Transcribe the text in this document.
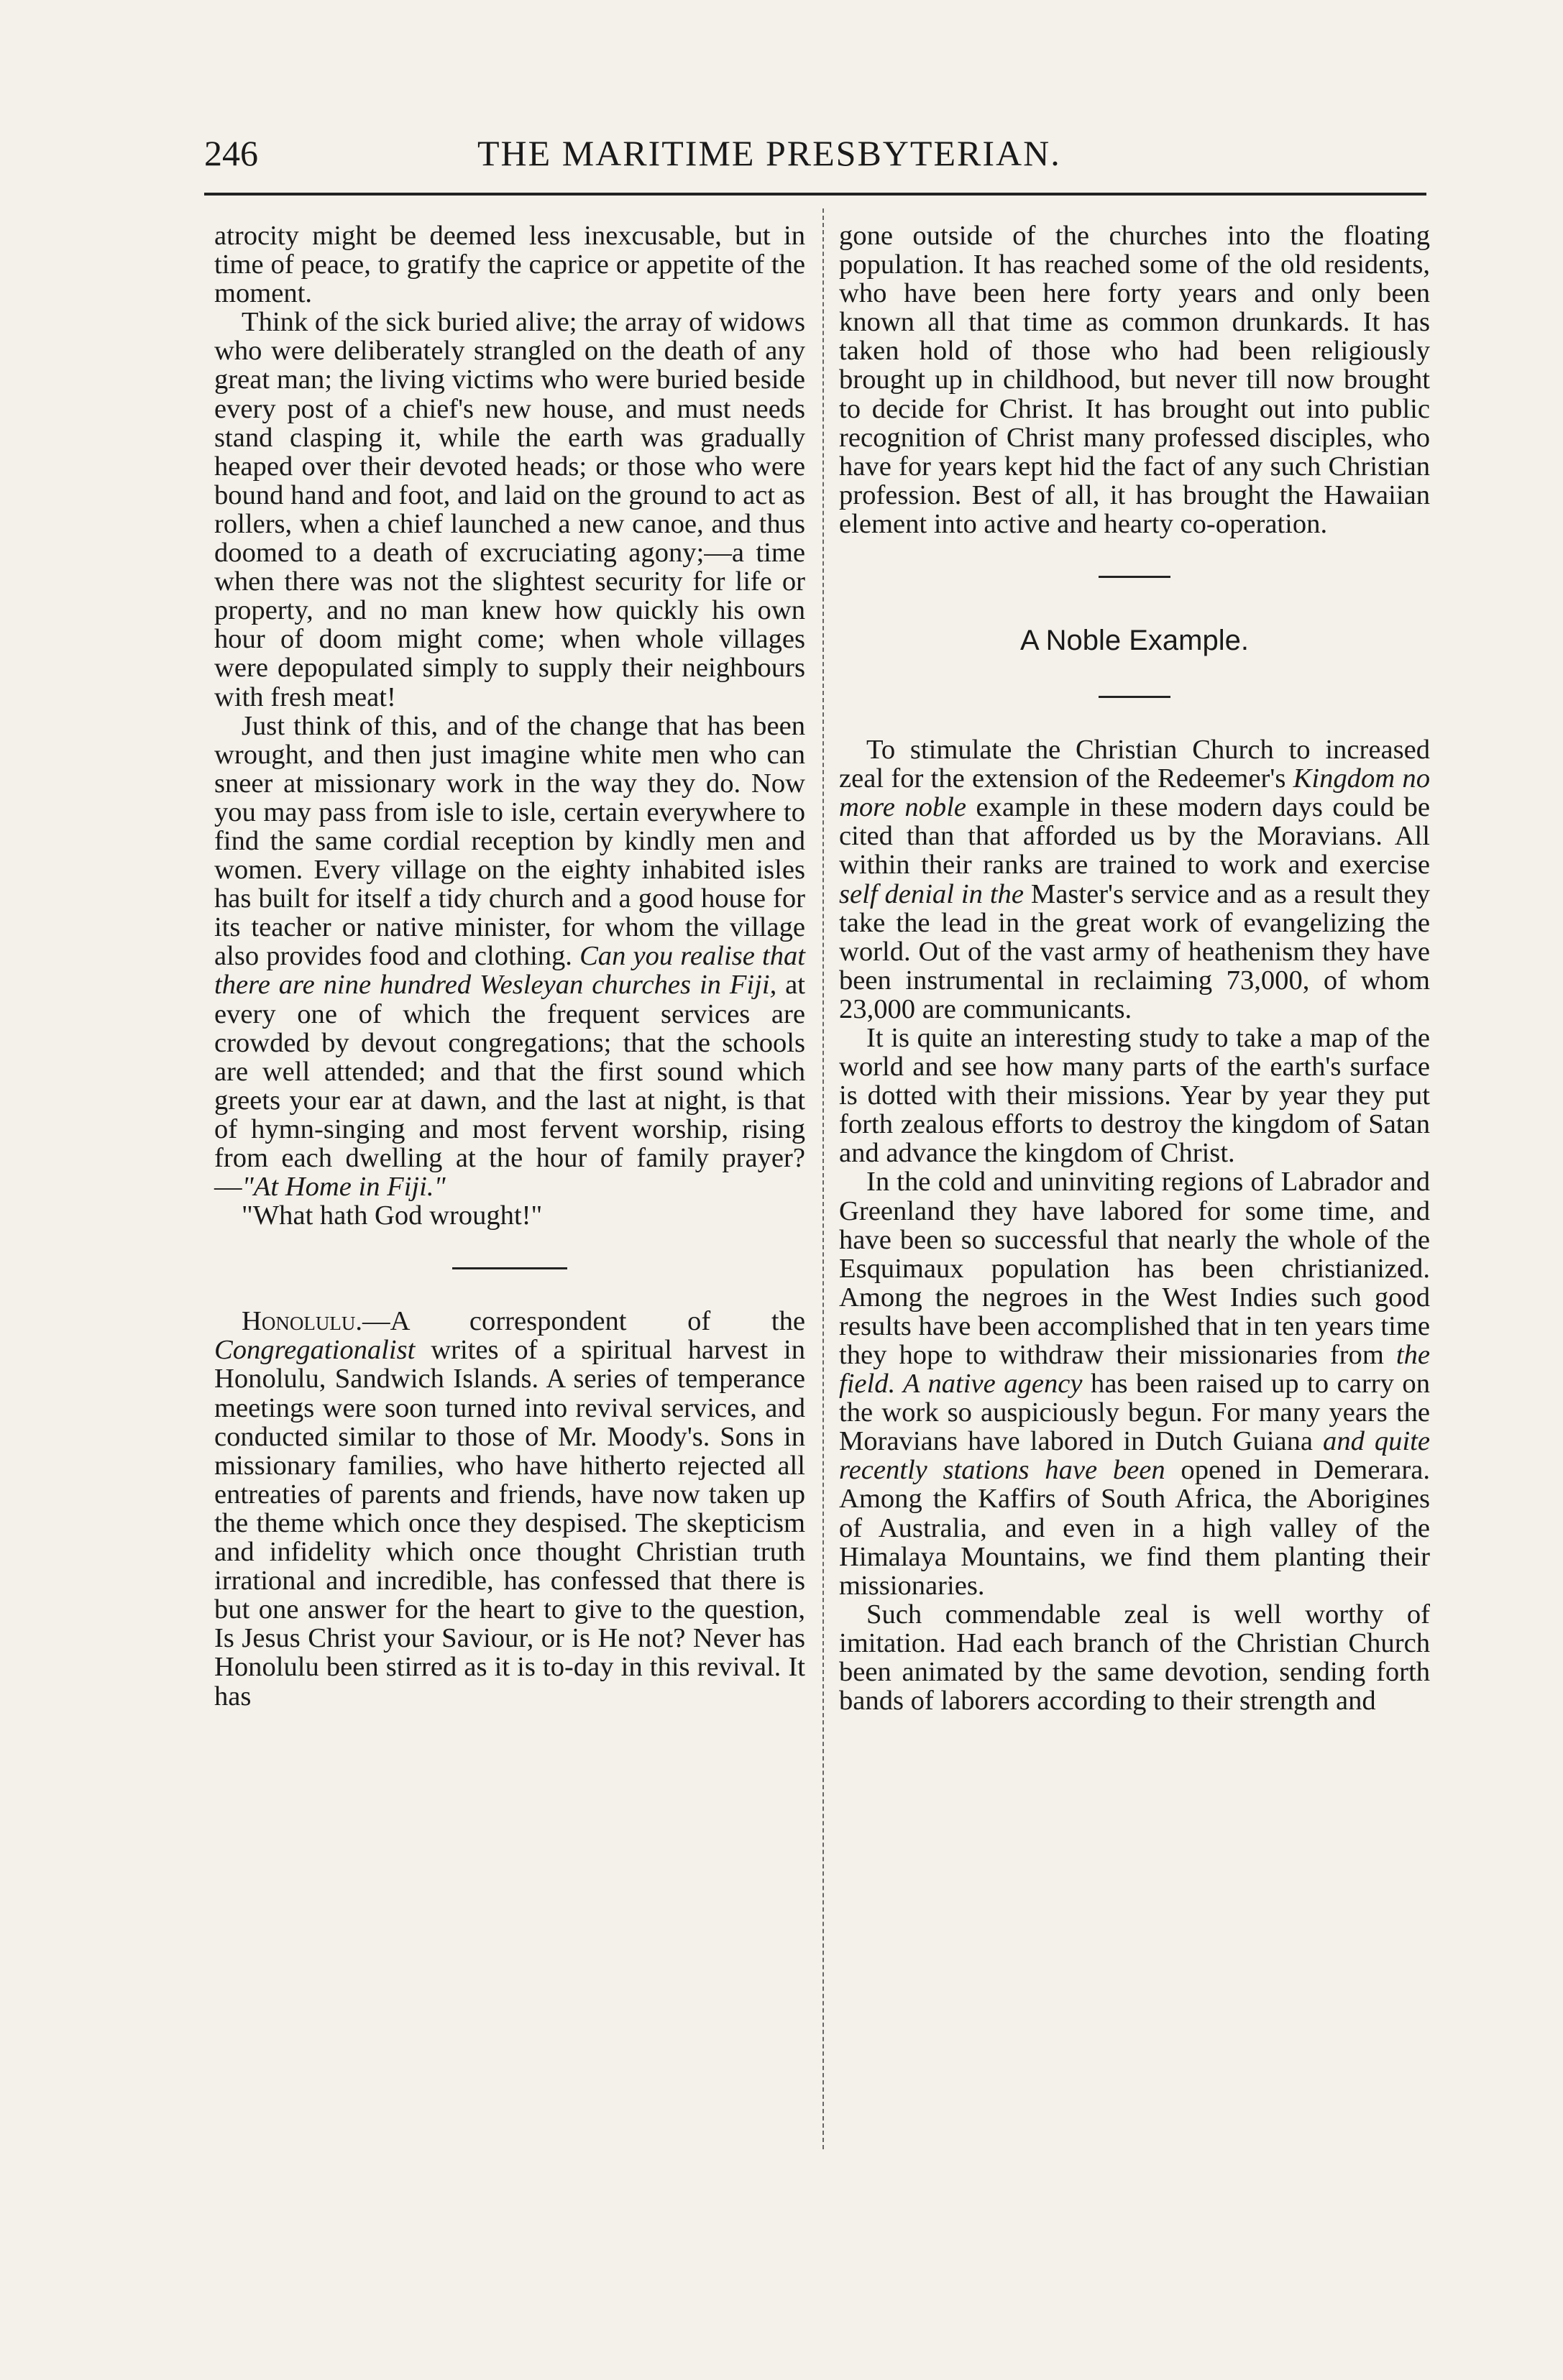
246	THE MARITIME PRESBYTERIAN.

atrocity might be deemed less inexcusable, but in time of peace, to gratify the caprice or appetite of the moment.

Think of the sick buried alive; the array of widows who were deliberately strangled on the death of any great man; the living victims who were buried beside every post of a chief's new house, and must needs stand clasping it, while the earth was gradually heaped over their devoted heads; or those who were bound hand and foot, and laid on the ground to act as rollers, when a chief launched a new canoe, and thus doomed to a death of excruciating agony;—a time when there was not the slightest security for life or property, and no man knew how quickly his own hour of doom might come; when whole villages were depopulated simply to supply their neighbours with fresh meat!

Just think of this, and of the change that has been wrought, and then just imagine white men who can sneer at missionary work in the way they do. Now you may pass from isle to isle, certain everywhere to find the same cordial reception by kindly men and women. Every village on the eighty inhabited isles has built for itself a tidy church and a good house for its teacher or native minister, for whom the village also provides food and clothing. Can you realise that there are nine hundred Wesleyan churches in Fiji, at every one of which the frequent services are crowded by devout congregations; that the schools are well attended; and that the first sound which greets your ear at dawn, and the last at night, is that of hymn-singing and most fervent worship, rising from each dwelling at the hour of family prayer?—"At Home in Fiji."

"What hath God wrought!"

Honolulu.—A correspondent of the Congregationalist writes of a spiritual harvest in Honolulu, Sandwich Islands. A series of temperance meetings were soon turned into revival services, and conducted similar to those of Mr. Moody's. Sons in missionary families, who have hitherto rejected all entreaties of parents and friends, have now taken up the theme which once they despised. The skepticism and infidelity which once thought Christian truth irrational and incredible, has confessed that there is but one answer for the heart to give to the question, Is Jesus Christ your Saviour, or is He not? Never has Honolulu been stirred as it is to-day in this revival. It has

gone outside of the churches into the floating population. It has reached some of the old residents, who have been here forty years and only been known all that time as common drunkards. It has taken hold of those who had been religiously brought up in childhood, but never till now brought to decide for Christ. It has brought out into public recognition of Christ many professed disciples, who have for years kept hid the fact of any such Christian profession. Best of all, it has brought the Hawaiian element into active and hearty co-operation.

A Noble Example.

To stimulate the Christian Church to increased zeal for the extension of the Redeemer's Kingdom no more noble example in these modern days could be cited than that afforded us by the Moravians. All within their ranks are trained to work and exercise self denial in the Master's service and as a result they take the lead in the great work of evangelizing the world. Out of the vast army of heathenism they have been instrumental in reclaiming 73,000, of whom 23,000 are communicants.

It is quite an interesting study to take a map of the world and see how many parts of the earth's surface is dotted with their missions. Year by year they put forth zealous efforts to destroy the kingdom of Satan and advance the kingdom of Christ.

In the cold and uninviting regions of Labrador and Greenland they have labored for some time, and have been so successful that nearly the whole of the Esquimaux population has been christianized. Among the negroes in the West Indies such good results have been accomplished that in ten years time they hope to withdraw their missionaries from the field. A native agency has been raised up to carry on the work so auspiciously begun. For many years the Moravians have labored in Dutch Guiana and quite recently stations have been opened in Demerara. Among the Kaffirs of South Africa, the Aborigines of Australia, and even in a high valley of the Himalaya Mountains, we find them planting their missionaries.

Such commendable zeal is well worthy of imitation. Had each branch of the Christian Church been animated by the same devotion, sending forth bands of laborers according to their strength and
